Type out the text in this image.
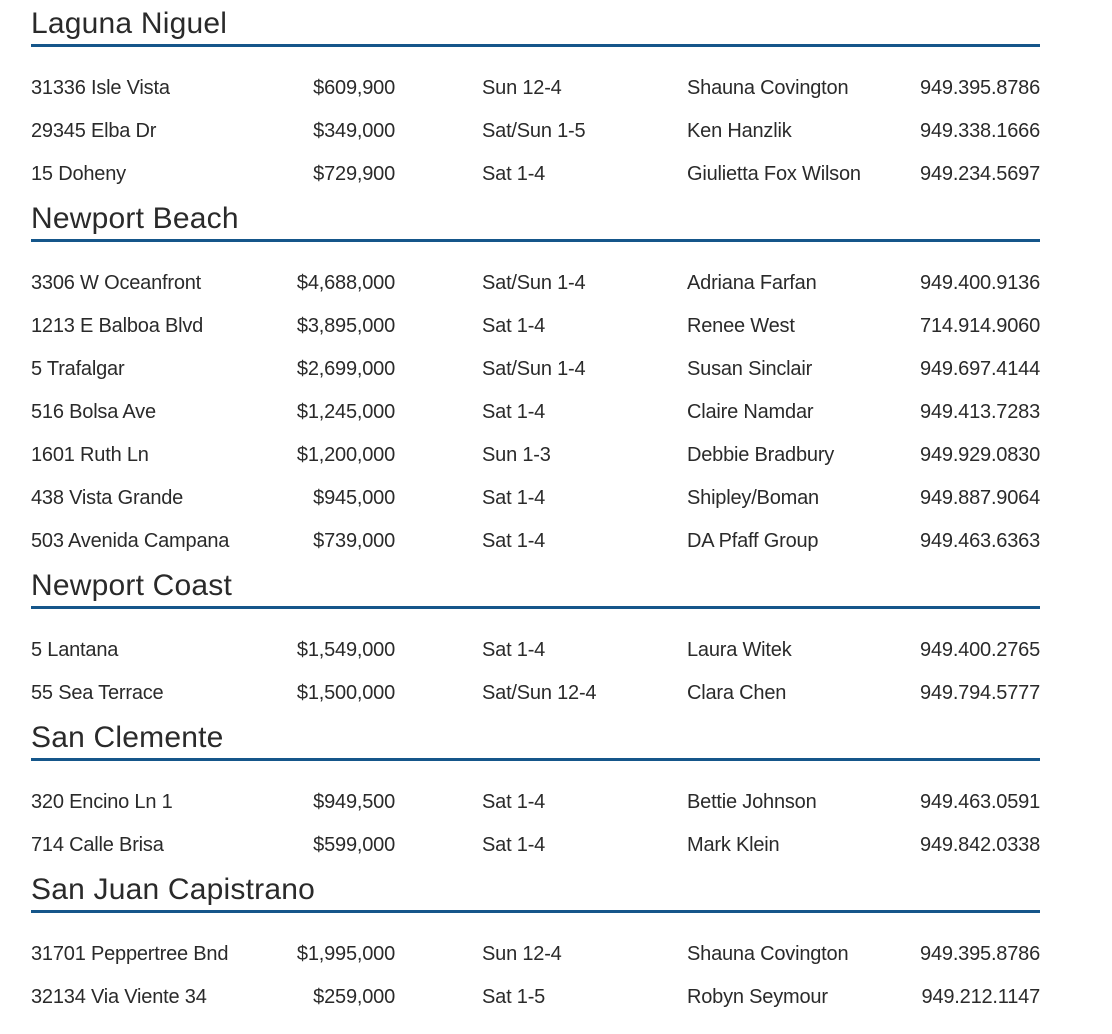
Laguna Niguel
31336 Isle Vista	$609,900	Sun 12-4	Shauna Covington	949.395.8786
29345 Elba Dr	$349,000	Sat/Sun 1-5	Ken Hanzlik	949.338.1666
15 Doheny	$729,900	Sat 1-4	Giulietta Fox Wilson	949.234.5697
Newport Beach
3306 W Oceanfront	$4,688,000	Sat/Sun 1-4	Adriana Farfan	949.400.9136
1213 E Balboa Blvd	$3,895,000	Sat 1-4	Renee West	714.914.9060
5 Trafalgar	$2,699,000	Sat/Sun 1-4	Susan Sinclair	949.697.4144
516 Bolsa Ave	$1,245,000	Sat 1-4	Claire Namdar	949.413.7283
1601 Ruth Ln	$1,200,000	Sun 1-3	Debbie Bradbury	949.929.0830
438 Vista Grande	$945,000	Sat 1-4	Shipley/Boman	949.887.9064
503 Avenida Campana	$739,000	Sat 1-4	DA Pfaff Group	949.463.6363
Newport Coast
5 Lantana	$1,549,000	Sat 1-4	Laura Witek	949.400.2765
55 Sea Terrace	$1,500,000	Sat/Sun 12-4	Clara Chen	949.794.5777
San Clemente
320 Encino Ln 1	$949,500	Sat 1-4	Bettie Johnson	949.463.0591
714 Calle Brisa	$599,000	Sat 1-4	Mark Klein	949.842.0338
San Juan Capistrano
31701 Peppertree Bnd	$1,995,000	Sun 12-4	Shauna Covington	949.395.8786
32134 Via Viente 34	$259,000	Sat 1-5	Robyn Seymour	949.212.1147
